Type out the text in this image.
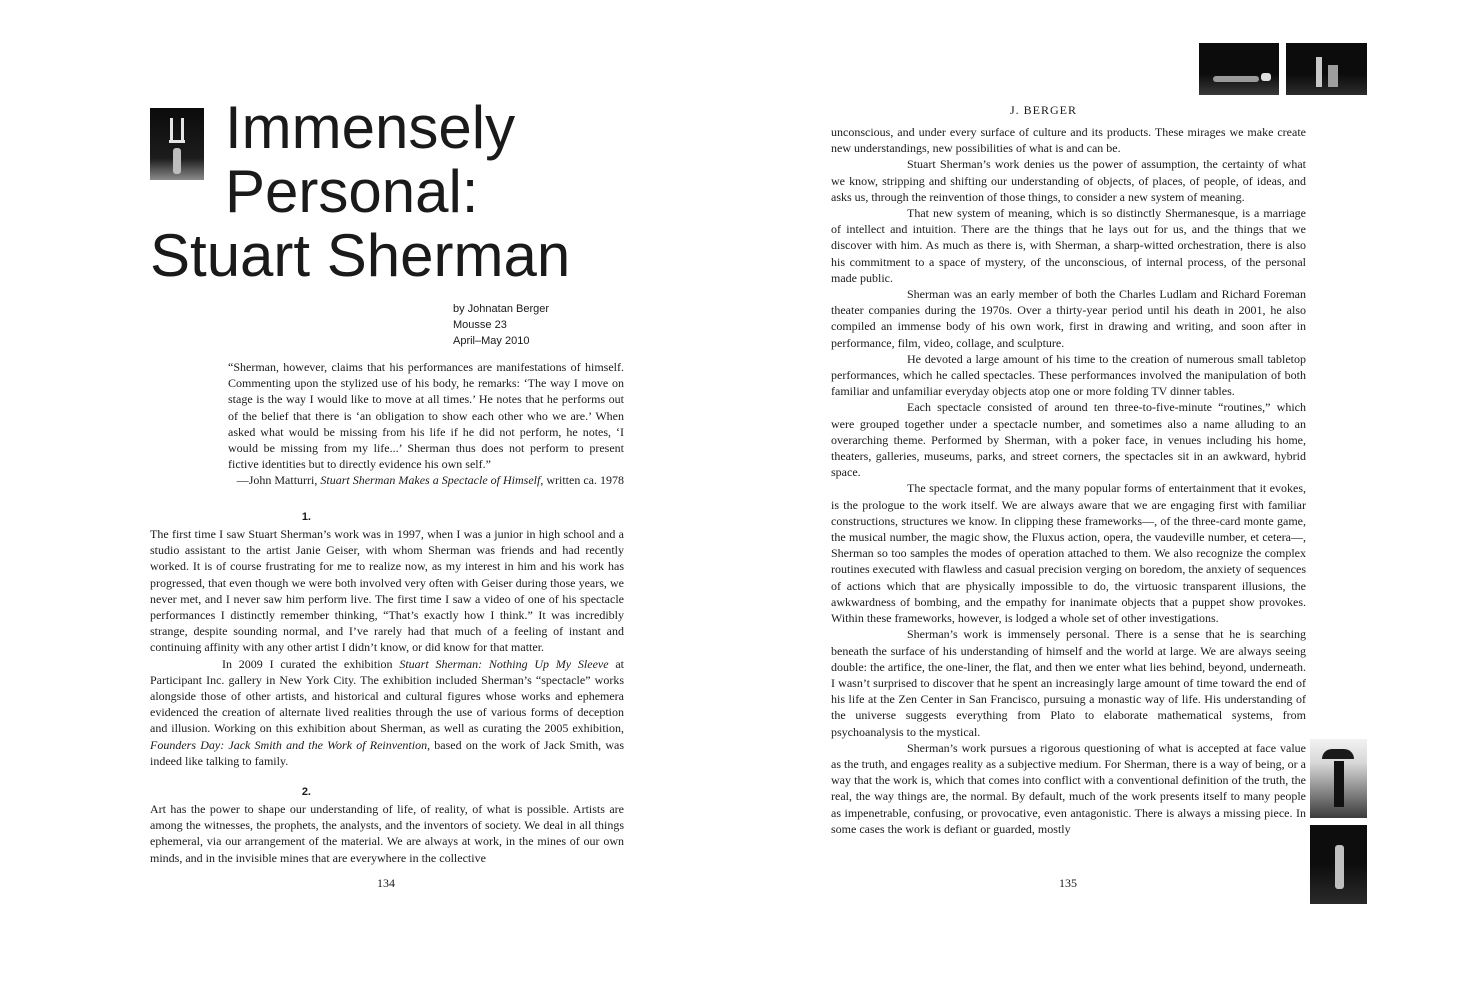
Immensely
Personal:
Stuart Sherman
by Johnatan Berger
Mousse 23
April–May 2010

“Sherman, however, claims that his performances are manifestations of himself. Commenting upon the stylized use of his body, he remarks: ‘The way I move on stage is the way I would like to move at all times.’ He notes that he performs out of the belief that there is ‘an obligation to show each other who we are.’ When asked what would be missing from his life if he did not perform, he notes, ‘I would be missing from my life...’ Sherman thus does not perform to present fictive identities but to directly evidence his own self.”

—John Matturri, Stuart Sherman Makes a Spectacle of Himself, written ca. 1978

1.

The first time I saw Stuart Sherman’s work was in 1997, when I was a junior in high school and a studio assistant to the artist Janie Geiser, with whom Sherman was friends and had recently worked. It is of course frustrating for me to realize now, as my interest in him and his work has progressed, that even though we were both involved very often with Geiser during those years, we never met, and I never saw him perform live. The first time I saw a video of one of his spectacle performances I distinctly remember thinking, “That’s exactly how I think.” It was incredibly strange, despite sounding normal, and I’ve rarely had that much of a feeling of instant and continuing affinity with any other artist I didn’t know, or did know for that matter.

In 2009 I curated the exhibition Stuart Sherman: Nothing Up My Sleeve at Participant Inc. gallery in New York City. The exhibition included Sherman’s “spectacle” works alongside those of other artists, and historical and cultural figures whose works and ephemera evidenced the creation of alternate lived realities through the use of various forms of deception and illusion. Working on this exhibition about Sherman, as well as curating the 2005 exhibition, Founders Day: Jack Smith and the Work of Reinvention, based on the work of Jack Smith, was indeed like talking to family.

2.

Art has the power to shape our understanding of life, of reality, of what is possible. Artists are among the witnesses, the prophets, the analysts, and the inventors of society. We deal in all things ephemeral, via our arrangement of the material. We are always at work, in the mines of our own minds, and in the invisible mines that are everywhere in the collective

134
J. BERGER

unconscious, and under every surface of culture and its products. These mirages we make create new understandings, new possibilities of what is and can be.

Stuart Sherman’s work denies us the power of assumption, the certainty of what we know, stripping and shifting our understanding of objects, of places, of people, of ideas, and asks us, through the reinvention of those things, to consider a new system of meaning.

That new system of meaning, which is so distinctly Shermanesque, is a marriage of intellect and intuition. There are the things that he lays out for us, and the things that we discover with him. As much as there is, with Sherman, a sharp-witted orchestration, there is also his commitment to a space of mystery, of the unconscious, of internal process, of the personal made public.

Sherman was an early member of both the Charles Ludlam and Richard Foreman theater companies during the 1970s. Over a thirty-year period until his death in 2001, he also compiled an immense body of his own work, first in drawing and writing, and soon after in performance, film, video, collage, and sculpture.

He devoted a large amount of his time to the creation of numerous small tabletop performances, which he called spectacles. These performances involved the manipulation of both familiar and unfamiliar everyday objects atop one or more folding TV dinner tables.

Each spectacle consisted of around ten three-to-five-minute “routines,” which were grouped together under a spectacle number, and sometimes also a name alluding to an overarching theme. Performed by Sherman, with a poker face, in venues including his home, theaters, galleries, museums, parks, and street corners, the spectacles sit in an awkward, hybrid space.

The spectacle format, and the many popular forms of entertainment that it evokes, is the prologue to the work itself. We are always aware that we are engaging first with familiar constructions, structures we know. In clipping these frameworks—, of the three-card monte game, the musical number, the magic show, the Fluxus action, opera, the vaudeville number, et cetera—, Sherman so too samples the modes of operation attached to them. We also recognize the complex routines executed with flawless and casual precision verging on boredom, the anxiety of sequences of actions which that are physically impossible to do, the virtuosic transparent illusions, the awkwardness of bombing, and the empathy for inanimate objects that a puppet show provokes. Within these frameworks, however, is lodged a whole set of other investigations.

Sherman’s work is immensely personal. There is a sense that he is searching beneath the surface of his understanding of himself and the world at large. We are always seeing double: the artifice, the one-liner, the flat, and then we enter what lies behind, beyond, underneath. I wasn’t surprised to discover that he spent an increasingly large amount of time toward the end of his life at the Zen Center in San Francisco, pursuing a monastic way of life. His understanding of the universe suggests everything from Plato to elaborate mathematical systems, from psychoanalysis to the mystical.

Sherman’s work pursues a rigorous questioning of what is accepted at face value as the truth, and engages reality as a subjective medium. For Sherman, there is a way of being, or a way that the work is, which that comes into conflict with a conventional definition of the truth, the real, the way things are, the normal. By default, much of the work presents itself to many people as impenetrable, confusing, or provocative, even antagonistic. There is always a missing piece. In some cases the work is defiant or guarded, mostly

135
